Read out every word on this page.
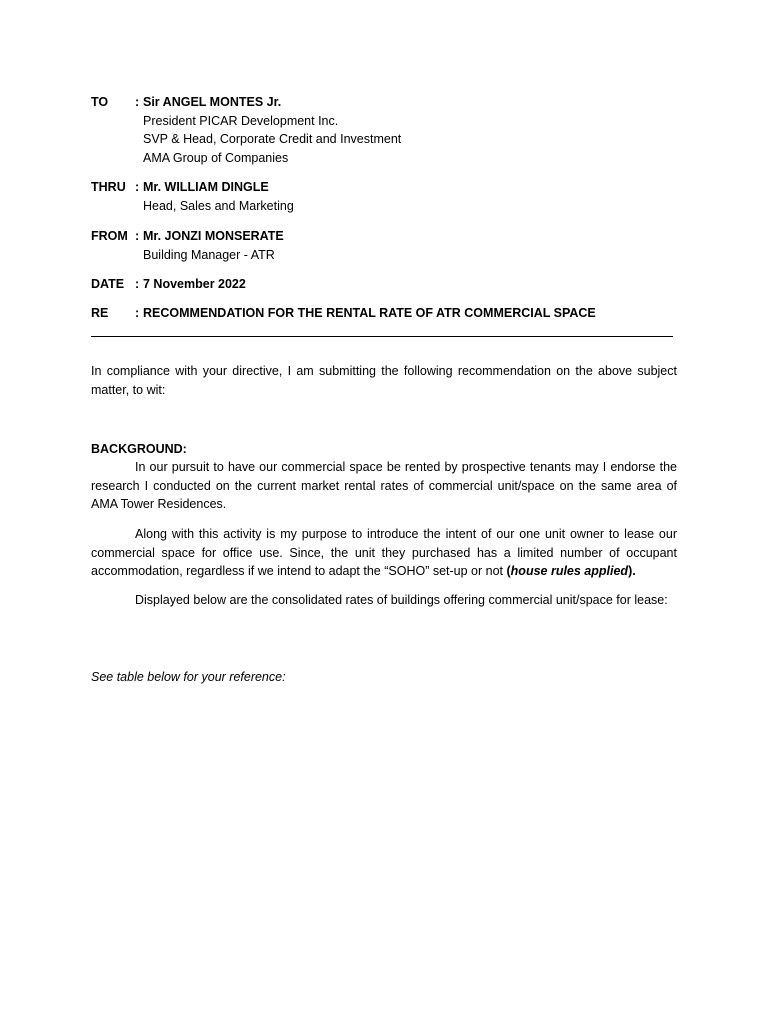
TO	: Sir ANGEL MONTES Jr.
President PICAR Development Inc.
SVP & Head, Corporate Credit and Investment
AMA Group of Companies
THRU : Mr. WILLIAM DINGLE
Head, Sales and Marketing
FROM : Mr. JONZI MONSERATE
Building Manager - ATR
DATE : 7 November 2022
RE	: RECOMMENDATION FOR THE RENTAL RATE OF ATR COMMERCIAL SPACE

In compliance with your directive, I am submitting the following recommendation on the above subject matter, to wit:

BACKGROUND:

In our pursuit to have our commercial space be rented by prospective tenants may I endorse the research I conducted on the current market rental rates of commercial unit/space on the same area of AMA Tower Residences.

Along with this activity is my purpose to introduce the intent of our one unit owner to lease our commercial space for office use. Since, the unit they purchased has a limited number of occupant accommodation, regardless if we intend to adapt the “SOHO” set-up or not (house rules applied).

Displayed below are the consolidated rates of buildings offering commercial unit/space for lease:

See table below for your reference:
